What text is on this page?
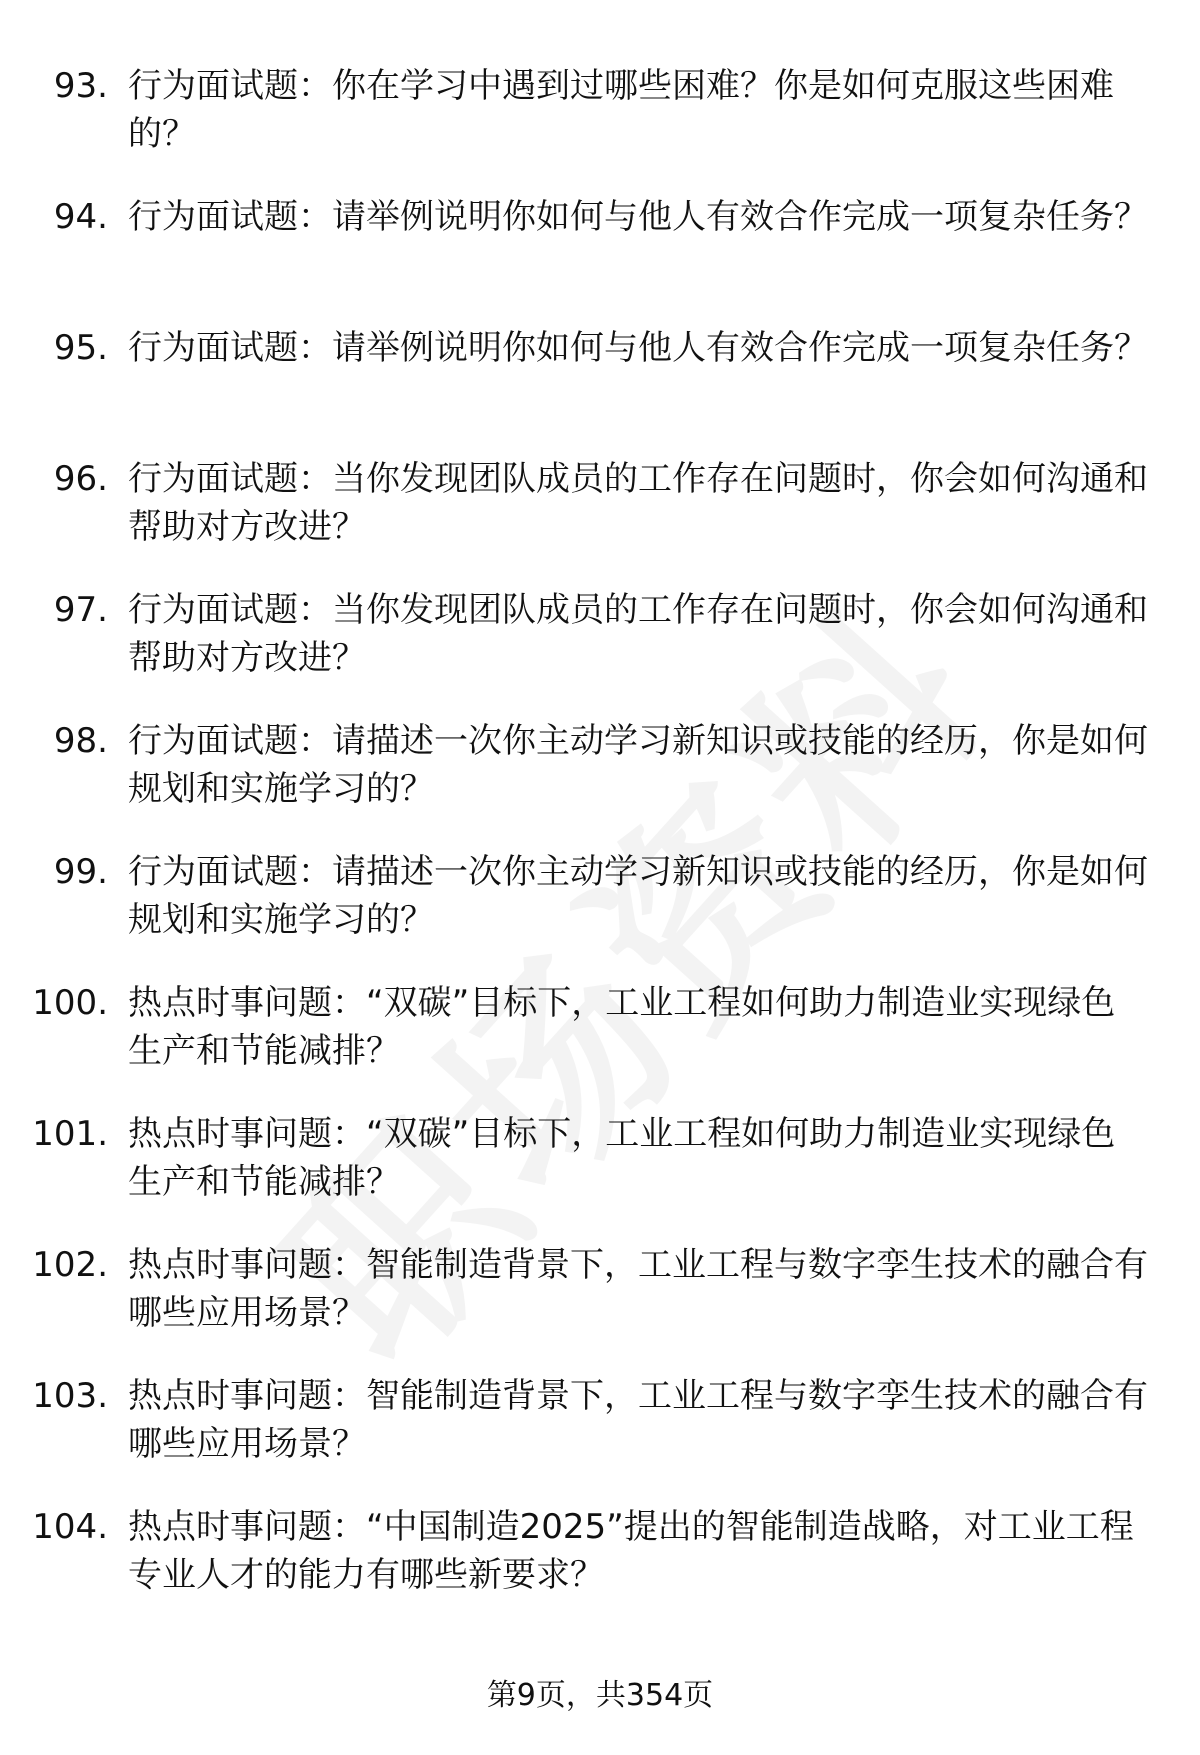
93. 行为面试题：你在学习中遇到过哪些困难？你是如何克服这些困难的？
94. 行为面试题：请举例说明你如何与他人有效合作完成一项复杂任务？
95. 行为面试题：请举例说明你如何与他人有效合作完成一项复杂任务？
96. 行为面试题：当你发现团队成员的工作存在问题时，你会如何沟通和帮助对方改进？
97. 行为面试题：当你发现团队成员的工作存在问题时，你会如何沟通和帮助对方改进？
98. 行为面试题：请描述一次你主动学习新知识或技能的经历，你是如何规划和实施学习的？
99. 行为面试题：请描述一次你主动学习新知识或技能的经历，你是如何规划和实施学习的？
100. 热点时事问题：“双碳”目标下，工业工程如何助力制造业实现绿色生产和节能减排？
101. 热点时事问题：“双碳”目标下，工业工程如何助力制造业实现绿色生产和节能减排？
102. 热点时事问题：智能制造背景下，工业工程与数字孪生技术的融合有哪些应用场景？
103. 热点时事问题：智能制造背景下，工业工程与数字孪生技术的融合有哪些应用场景？
104. 热点时事问题：“中国制造2025”提出的智能制造战略，对工业工程专业人才的能力有哪些新要求？
第9页，共354页
